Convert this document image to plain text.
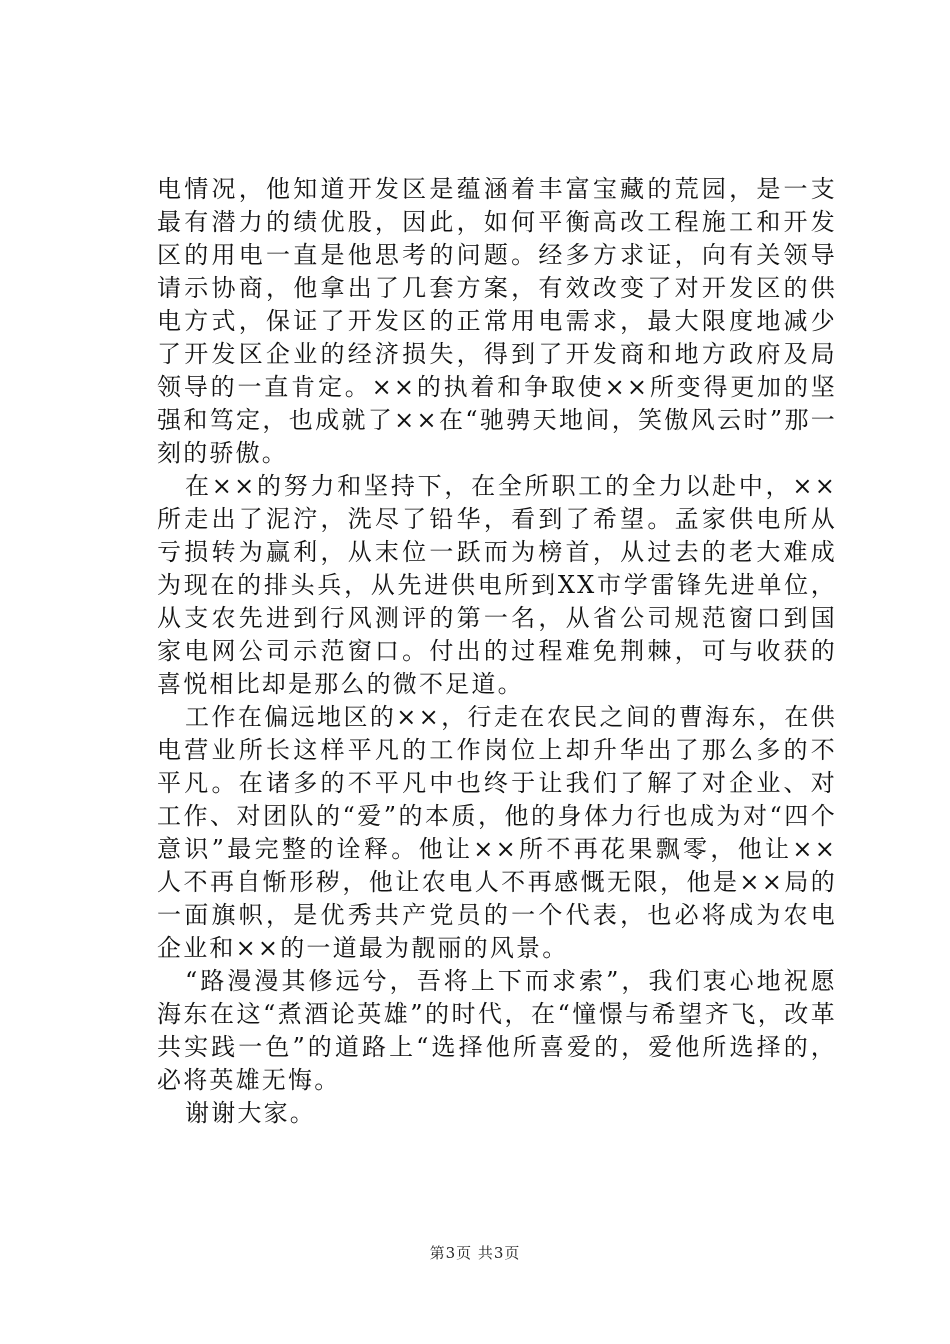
电情况，他知道开发区是蕴涵着丰富宝藏的荒园，是一支最有潜力的绩优股，因此，如何平衡高改工程施工和开发区的用电一直是他思考的问题。经多方求证，向有关领导请示协商，他拿出了几套方案，有效改变了对开发区的供电方式，保证了开发区的正常用电需求，最大限度地减少了开发区企业的经济损失，得到了开发商和地方政府及局领导的一直肯定。××的执着和争取使××所变得更加的坚强和笃定，也成就了××在“驰骋天地间，笑傲风云时”那一刻的骄傲。

在××的努力和坚持下，在全所职工的全力以赴中，××所走出了泥泞，洗尽了铅华，看到了希望。孟家供电所从亏损转为赢利，从末位一跃而为榜首，从过去的老大难成为现在的排头兵，从先进供电所到XX市学雷锋先进单位，从支农先进到行风测评的第一名，从省公司规范窗口到国家电网公司示范窗口。付出的过程难免荆棘，可与收获的喜悦相比却是那么的微不足道。

工作在偏远地区的××，行走在农民之间的曹海东，在供电营业所长这样平凡的工作岗位上却升华出了那么多的不平凡。在诸多的不平凡中也终于让我们了解了对企业、对工作、对团队的“爱”的本质，他的身体力行也成为对“四个意识”最完整的诠释。他让××所不再花果飘零，他让××人不再自惭形秽，他让农电人不再感慨无限，他是××局的一面旗帜，是优秀共产党员的一个代表，也必将成为农电企业和××的一道最为靓丽的风景。

“路漫漫其修远兮，吾将上下而求索”，我们衷心地祝愿海东在这“煮酒论英雄”的时代，在“憧憬与希望齐飞，改革共实践一色”的道路上“选择他所喜爱的，爱他所选择的，必将英雄无悔。

谢谢大家。

第3页 共3页
